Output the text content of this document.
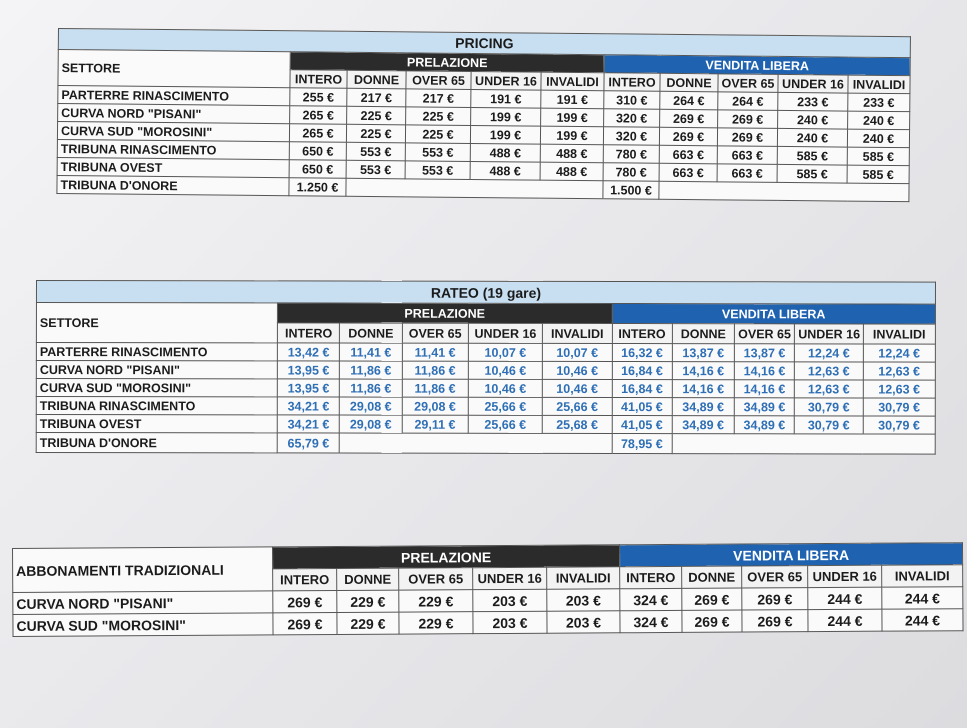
PRICING										
SETTORE	PRELAZIONE					VENDITA LIBERA				
	INTERO	DONNE	OVER 65	UNDER 16	INVALIDI	INTERO	DONNE	OVER 65	UNDER 16	INVALIDI
PARTERRE RINASCIMENTO	255 €	217 €	217 €	191 €	191 €	310 €	264 €	264 €	233 €	233 €
CURVA NORD "PISANI"	265 €	225 €	225 €	199 €	199 €	320 €	269 €	269 €	240 €	240 €
CURVA SUD "MOROSINI"	265 €	225 €	225 €	199 €	199 €	320 €	269 €	269 €	240 €	240 €
TRIBUNA RINASCIMENTO	650 €	553 €	553 €	488 €	488 €	780 €	663 €	663 €	585 €	585 €
TRIBUNA OVEST	650 €	553 €	553 €	488 €	488 €	780 €	663 €	663 €	585 €	585 €
TRIBUNA D'ONORE	1.250 €					1.500 €				
RATEO (19 gare)										
SETTORE	PRELAZIONE					VENDITA LIBERA				
	INTERO	DONNE	OVER 65	UNDER 16	INVALIDI	INTERO	DONNE	OVER 65	UNDER 16	INVALIDI
PARTERRE RINASCIMENTO	13,42 €	11,41 €	11,41 €	10,07 €	10,07 €	16,32 €	13,87 €	13,87 €	12,24 €	12,24 €
CURVA NORD "PISANI"	13,95 €	11,86 €	11,86 €	10,46 €	10,46 €	16,84 €	14,16 €	14,16 €	12,63 €	12,63 €
CURVA SUD "MOROSINI"	13,95 €	11,86 €	11,86 €	10,46 €	10,46 €	16,84 €	14,16 €	14,16 €	12,63 €	12,63 €
TRIBUNA RINASCIMENTO	34,21 €	29,08 €	29,08 €	25,66 €	25,66 €	41,05 €	34,89 €	34,89 €	30,79 €	30,79 €
TRIBUNA OVEST	34,21 €	29,08 €	29,11 €	25,66 €	25,68 €	41,05 €	34,89 €	34,89 €	30,79 €	30,79 €
TRIBUNA D'ONORE	65,79 €					78,95 €				
ABBONAMENTI TRADIZIONALI	PRELAZIONE					VENDITA LIBERA				
	INTERO	DONNE	OVER 65	UNDER 16	INVALIDI	INTERO	DONNE	OVER 65	UNDER 16	INVALIDI
CURVA NORD "PISANI"	269 €	229 €	229 €	203 €	203 €	324 €	269 €	269 €	244 €	244 €
CURVA SUD "MOROSINI"	269 €	229 €	229 €	203 €	203 €	324 €	269 €	269 €	244 €	244 €
